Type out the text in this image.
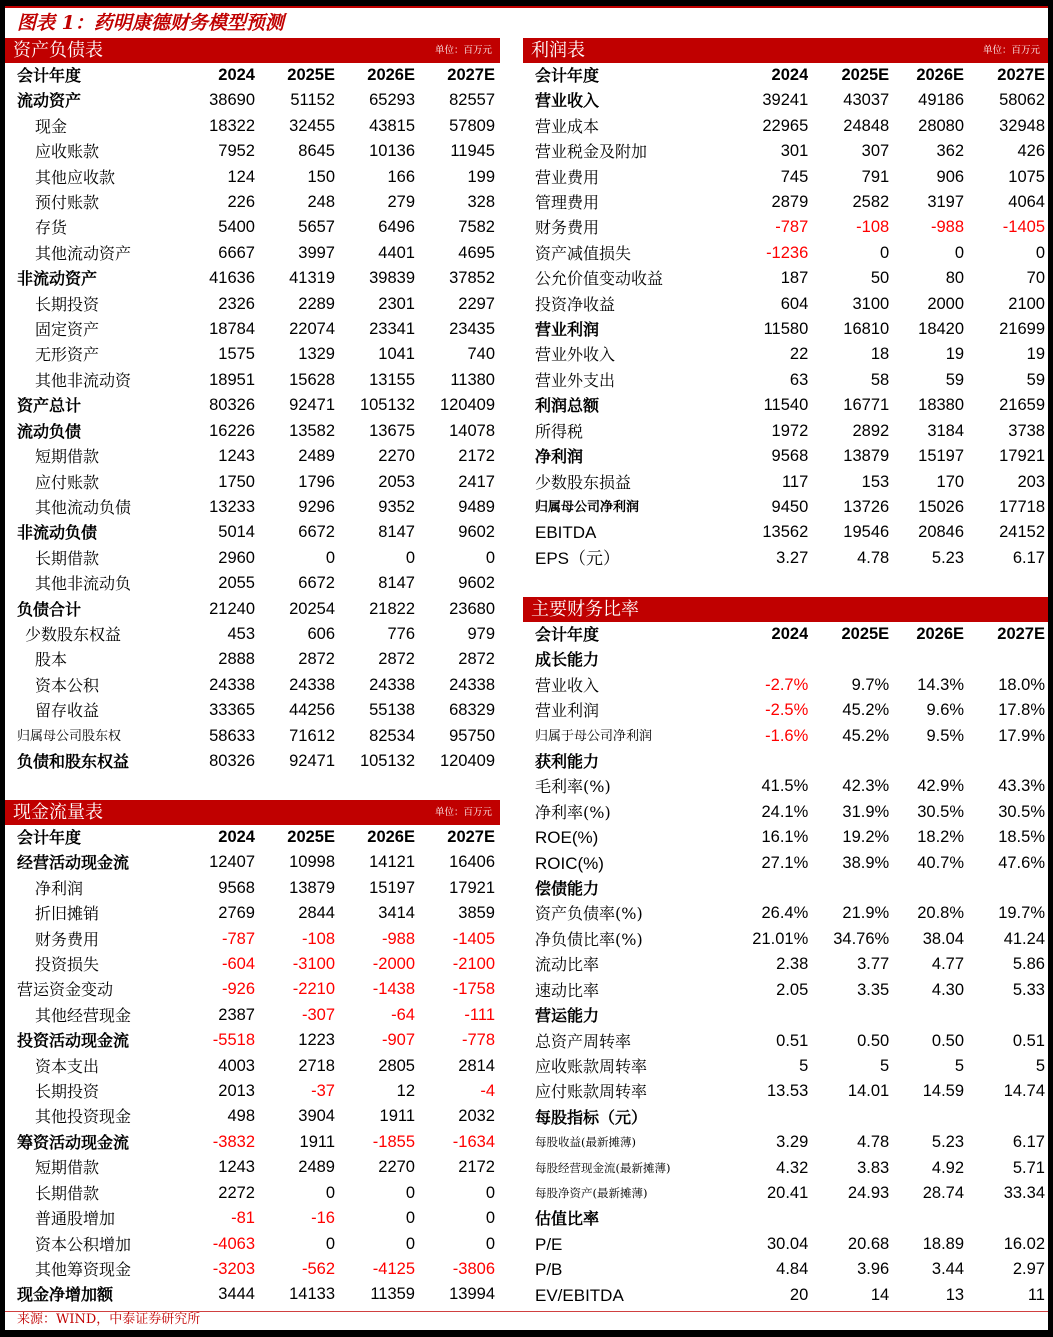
图表 1：药明康德财务模型预测
资产负债表	单位：百万元
会计年度	2024	2025E	2026E	2027E
流动资产	38690	51152	65293	82557
现金	18322	32455	43815	57809
应收账款	7952	8645	10136	11945
其他应收款	124	150	166	199
预付账款	226	248	279	328
存货	5400	5657	6496	7582
其他流动资产	6667	3997	4401	4695
非流动资产	41636	41319	39839	37852
长期投资	2326	2289	2301	2297
固定资产	18784	22074	23341	23435
无形资产	1575	1329	1041	740
其他非流动资	18951	15628	13155	11380
资产总计	80326	92471	105132	120409
流动负债	16226	13582	13675	14078
短期借款	1243	2489	2270	2172
应付账款	1750	1796	2053	2417
其他流动负债	13233	9296	9352	9489
非流动负债	5014	6672	8147	9602
长期借款	2960	0	0	0
其他非流动负	2055	6672	8147	9602
负债合计	21240	20254	21822	23680
少数股东权益	453	606	776	979
股本	2888	2872	2872	2872
资本公积	24338	24338	24338	24338
留存收益	33365	44256	55138	68329
归属母公司股东权	58633	71612	82534	95750
负债和股东权益	80326	92471	105132	120409
现金流量表	单位：百万元
会计年度	2024	2025E	2026E	2027E
经营活动现金流	12407	10998	14121	16406
净利润	9568	13879	15197	17921
折旧摊销	2769	2844	3414	3859
财务费用	-787	-108	-988	-1405
投资损失	-604	-3100	-2000	-2100
营运资金变动	-926	-2210	-1438	-1758
其他经营现金	2387	-307	-64	-111
投资活动现金流	-5518	1223	-907	-778
资本支出	4003	2718	2805	2814
长期投资	2013	-37	12	-4
其他投资现金	498	3904	1911	2032
筹资活动现金流	-3832	1911	-1855	-1634
短期借款	1243	2489	2270	2172
长期借款	2272	0	0	0
普通股增加	-81	-16	0	0
资本公积增加	-4063	0	0	0
其他筹资现金	-3203	-562	-4125	-3806
现金净增加额	3444	14133	11359	13994
利润表	单位：百万元
会计年度	2024	2025E	2026E	2027E
营业收入	39241	43037	49186	58062
营业成本	22965	24848	28080	32948
营业税金及附加	301	307	362	426
营业费用	745	791	906	1075
管理费用	2879	2582	3197	4064
财务费用	-787	-108	-988	-1405
资产减值损失	-1236	0	0	0
公允价值变动收益	187	50	80	70
投资净收益	604	3100	2000	2100
营业利润	11580	16810	18420	21699
营业外收入	22	18	19	19
营业外支出	63	58	59	59
利润总额	11540	16771	18380	21659
所得税	1972	2892	3184	3738
净利润	9568	13879	15197	17921
少数股东损益	117	153	170	203
归属母公司净利润	9450	13726	15026	17718
EBITDA	13562	19546	20846	24152
EPS（元）	3.27	4.78	5.23	6.17
主要财务比率
会计年度	2024	2025E	2026E	2027E
成长能力				
营业收入	-2.7%	9.7%	14.3%	18.0%
营业利润	-2.5%	45.2%	9.6%	17.8%
归属于母公司净利润	-1.6%	45.2%	9.5%	17.9%
获利能力				
毛利率(%)	41.5%	42.3%	42.9%	43.3%
净利率(%)	24.1%	31.9%	30.5%	30.5%
ROE(%)	16.1%	19.2%	18.2%	18.5%
ROIC(%)	27.1%	38.9%	40.7%	47.6%
偿债能力				
资产负债率(%)	26.4%	21.9%	20.8%	19.7%
净负债比率(%)	21.01%	34.76%	38.04	41.24
流动比率	2.38	3.77	4.77	5.86
速动比率	2.05	3.35	4.30	5.33
营运能力				
总资产周转率	0.51	0.50	0.50	0.51
应收账款周转率	5	5	5	5
应付账款周转率	13.53	14.01	14.59	14.74
每股指标（元）				
每股收益(最新摊薄)	3.29	4.78	5.23	6.17
每股经营现金流(最新摊薄)	4.32	3.83	4.92	5.71
每股净资产(最新摊薄)	20.41	24.93	28.74	33.34
估值比率				
P/E	30.04	20.68	18.89	16.02
P/B	4.84	3.96	3.44	2.97
EV/EBITDA	20	14	13	11
来源：WIND，中泰证券研究所
